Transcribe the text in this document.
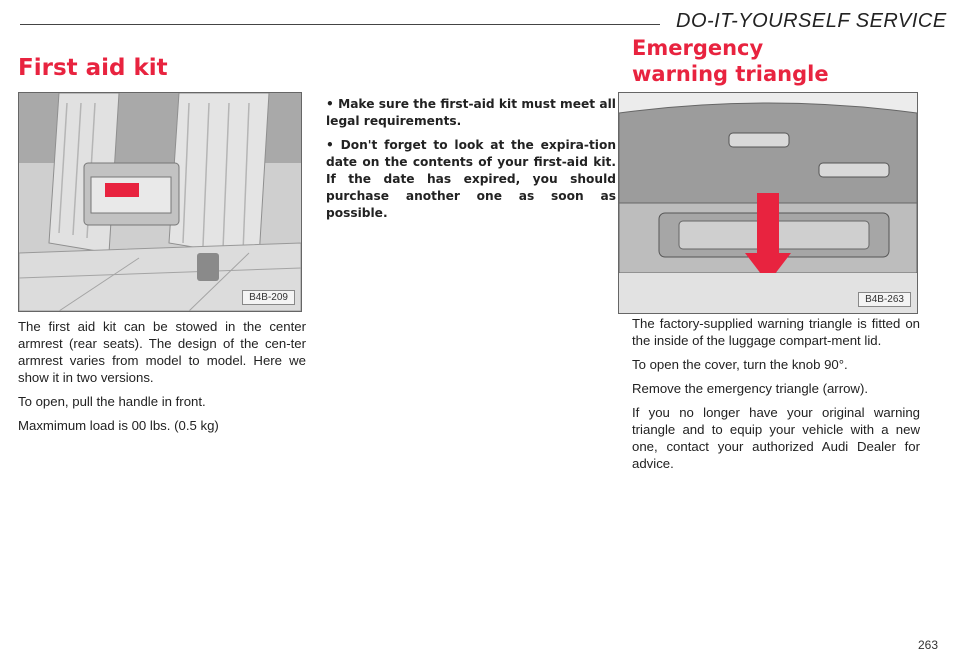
DO-IT-YOURSELF SERVICE
First aid kit
B4B-209

The first aid kit can be stowed in the center armrest (rear seats). The design of the cen-ter armrest varies from model to model. Here we show it in two versions.

To open, pull the handle in front.

Maxmimum load is 00 lbs. (0.5 kg)

• Make sure the first-aid kit must meet all legal requirements.

• Don't forget to look at the expira-tion date on the contents of your first-aid kit. If the date has expired, you should purchase another one as soon as possible.

Emergency
warning triangle
B4B-263

The factory-supplied warning triangle is fitted on the inside of the luggage compart-ment lid.

To open the cover, turn the knob 90°.

Remove the emergency triangle (arrow).

If you no longer have your original warning triangle and to equip your vehicle with a new one, contact your authorized Audi Dealer for advice.

263
